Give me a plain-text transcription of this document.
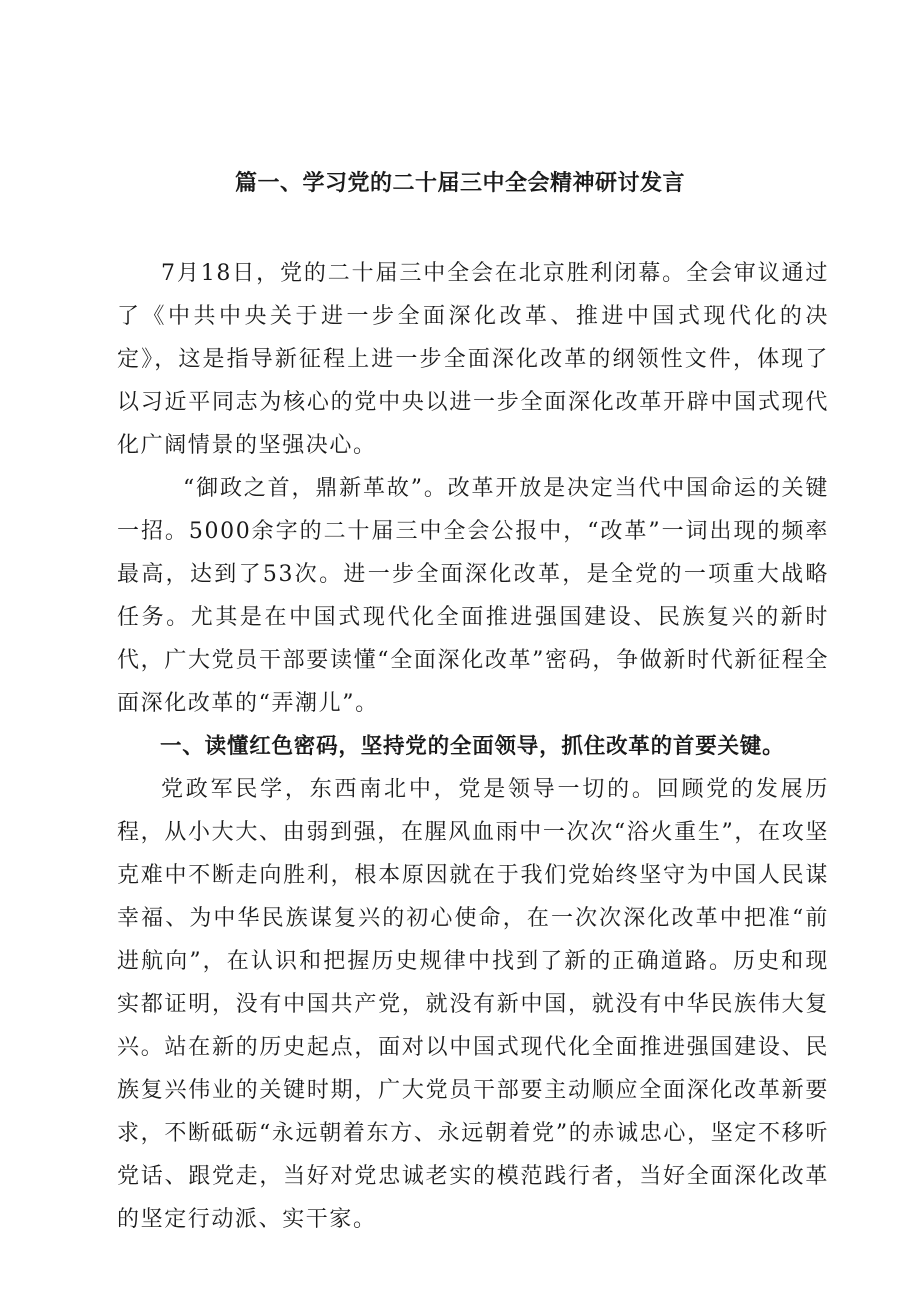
篇一、学习党的二十届三中全会精神研讨发言

7月18日，党的二十届三中全会在北京胜利闭幕。全会审议通过了《中共中央关于进一步全面深化改革、推进中国式现代化的决定》，这是指导新征程上进一步全面深化改革的纲领性文件，体现了以习近平同志为核心的党中央以进一步全面深化改革开辟中国式现代化广阔情景的坚强决心。

“御政之首，鼎新革故”。改革开放是决定当代中国命运的关键一招。5000余字的二十届三中全会公报中，“改革”一词出现的频率最高，达到了53次。进一步全面深化改革，是全党的一项重大战略任务。尤其是在中国式现代化全面推进强国建设、民族复兴的新时代，广大党员干部要读懂“全面深化改革”密码，争做新时代新征程全面深化改革的“弄潮儿”。

一、读懂红色密码，坚持党的全面领导，抓住改革的首要关键。

党政军民学，东西南北中，党是领导一切的。回顾党的发展历程，从小大大、由弱到强，在腥风血雨中一次次“浴火重生”，在攻坚克难中不断走向胜利，根本原因就在于我们党始终坚守为中国人民谋幸福、为中华民族谋复兴的初心使命，在一次次深化改革中把准“前进航向”，在认识和把握历史规律中找到了新的正确道路。历史和现实都证明，没有中国共产党，就没有新中国，就没有中华民族伟大复兴。站在新的历史起点，面对以中国式现代化全面推进强国建设、民族复兴伟业的关键时期，广大党员干部要主动顺应全面深化改革新要求，不断砥砺“永远朝着东方、永远朝着党”的赤诚忠心，坚定不移听党话、跟党走，当好对党忠诚老实的模范践行者，当好全面深化改革的坚定行动派、实干家。
